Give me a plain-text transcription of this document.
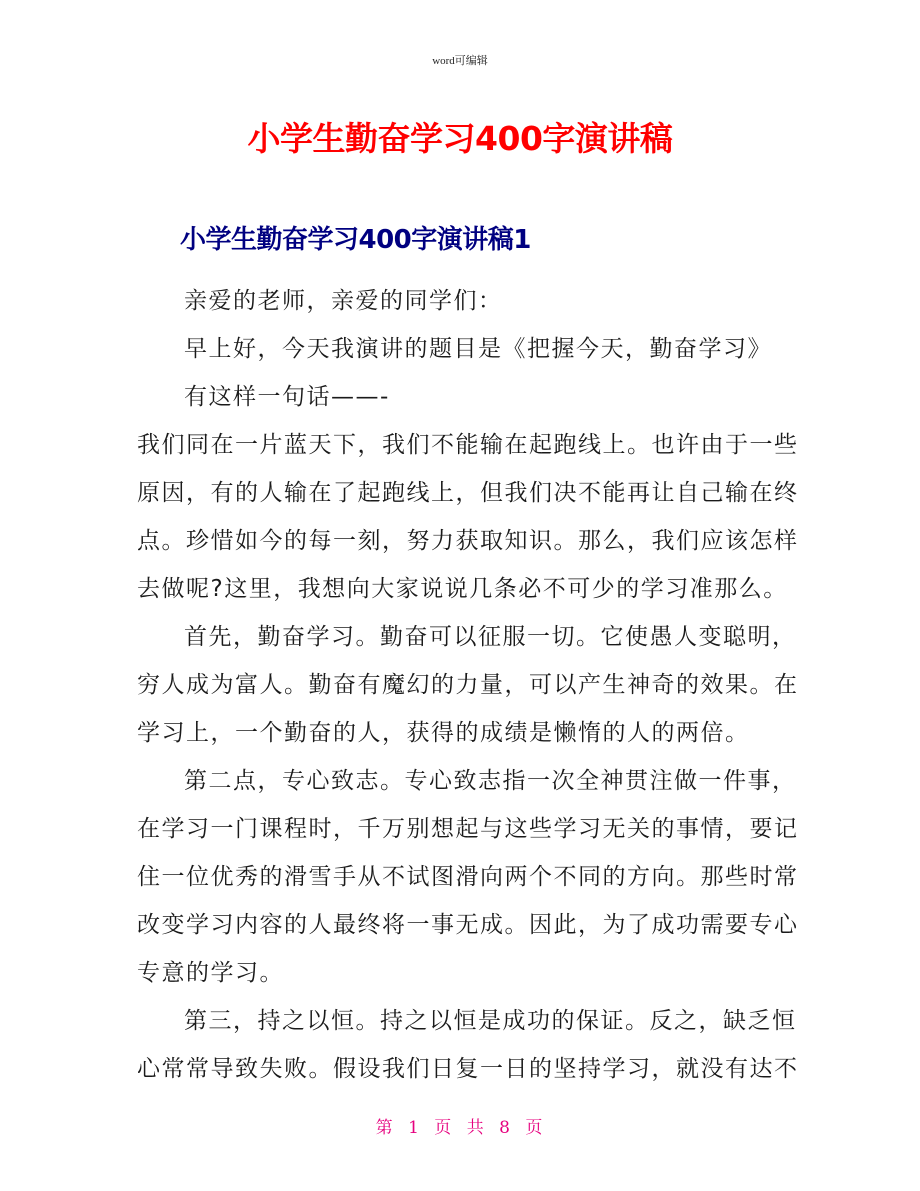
word可编辑
小学生勤奋学习400字演讲稿
小学生勤奋学习400字演讲稿1
亲爱的老师，亲爱的同学们：
早上好，今天我演讲的题目是《把握今天，勤奋学习》
有这样一句话——-
我们同在一片蓝天下，我们不能输在起跑线上。也许由于一些
原因，有的人输在了起跑线上，但我们决不能再让自己输在终
点。珍惜如今的每一刻，努力获取知识。那么，我们应该怎样
去做呢?这里，我想向大家说说几条必不可少的学习准那么。
首先，勤奋学习。勤奋可以征服一切。它使愚人变聪明，
穷人成为富人。勤奋有魔幻的力量，可以产生神奇的效果。在
学习上，一个勤奋的人，获得的成绩是懒惰的人的两倍。
第二点，专心致志。专心致志指一次全神贯注做一件事，
在学习一门课程时，千万别想起与这些学习无关的事情，要记
住一位优秀的滑雪手从不试图滑向两个不同的方向。那些时常
改变学习内容的人最终将一事无成。因此，为了成功需要专心
专意的学习。
第三，持之以恒。持之以恒是成功的保证。反之，缺乏恒
心常常导致失败。假设我们日复一日的坚持学习，就没有达不
第 1 页 共 8 页
